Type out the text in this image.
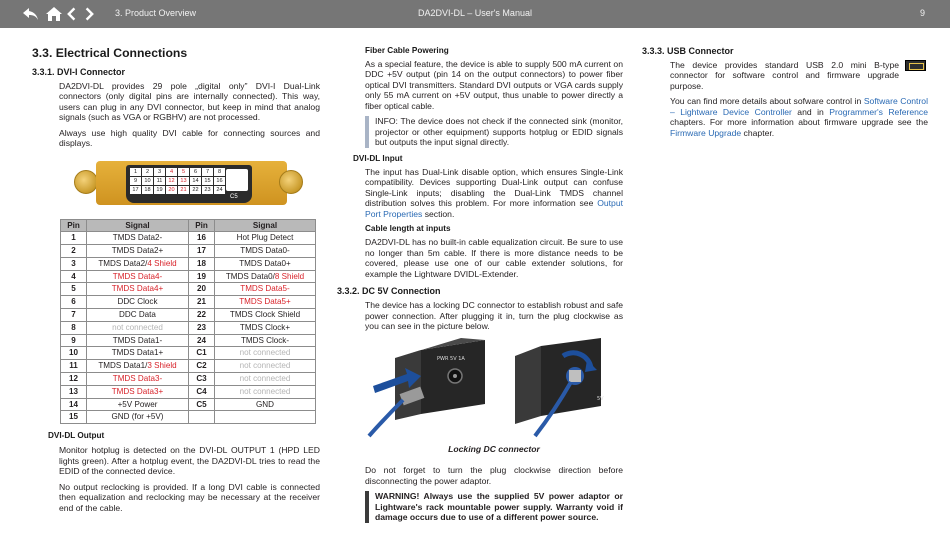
3. Product Overview	DA2DVI-DL – User's Manual	9
3.3. Electrical Connections
3.3.1. DVI-I Connector

DA2DVI-DL provides 29 pole „digital only” DVI-I Dual-Link connectors (only digital pins are internally connected). This way, users can plug in any DVI connector, but keep in mind that analog signals (such as VGA or RGBHV) are not processed.

Always use high quality DVI cable for connecting sources and displays.

1	2	3	4	5	6	7	8
9	10	11	12	13	14	15	16
17	18	19	20	21	22	23	24
C5
Pin	Signal	Pin	Signal
1	TMDS Data2-	16	Hot Plug Detect
2	TMDS Data2+	17	TMDS Data0-
3	TMDS Data2/4 Shield	18	TMDS Data0+
4	TMDS Data4-	19	TMDS Data0/8 Shield
5	TMDS Data4+	20	TMDS Data5-
6	DDC Clock	21	TMDS Data5+
7	DDC Data	22	TMDS Clock Shield
8	not connected	23	TMDS Clock+
9	TMDS Data1-	24	TMDS Clock-
10	TMDS Data1+	C1	not connected
11	TMDS Data1/3 Shield	C2	not connected
12	TMDS Data3-	C3	not connected
13	TMDS Data3+	C4	not connected
14	+5V Power	C5	GND
15	GND (for +5V)		
DVI-DL Output

Monitor hotplug is detected on the DVI-DL OUTPUT 1 (HPD LED lights green). After a hotplug event, the DA2DVI-DL tries to read the EDID of the connected device.

No output reclocking is provided. If a long DVI cable is connected then equalization and reclocking may be necessary at the receiver end of the cable.

Fiber Cable Powering

As a special feature, the device is able to supply 500 mA current on DDC +5V output (pin 14 on the output connectors) to power fiber optical DVI transmitters. Standard DVI outputs or VGA cards supply only 55 mA current on +5V output, thus unable to power directly a fiber optical cable.

INFO: The device does not check if the connected sink (monitor, projector or other equipment) supports hotplug or EDID signals but outputs the input signal directly.
DVI-DL Input

The input has Dual-Link disable option, which ensures Single-Link compatibility. Devices supporting Dual-Link output can confuse Single-Link inputs; disabling the Dual-Link TMDS channel distribution solves this problem. For more information see Output Port Properties section.

Cable length at inputs

DA2DVI-DL has no built-in cable equalization circuit. Be sure to use no longer than 5m cable. If there is more distance needs to be covered, please use one of our cable extender solutions, for example the Lightware DVIDL-Extender.

3.3.2. DC 5V Connection

The device has a locking DC connector to establish robust and safe power connection. After plugging it in, turn the plug clockwise as you can see in the picture below.

PWR 5V 1A
5V
Locking DC connector

Do not forget to turn the plug clockwise direction before disconnecting the power adaptor.

WARNING! Always use the supplied 5V power adaptor or Lightware's rack mountable power supply. Warranty void if damage occurs due to use of a different power source.
3.3.3. USB Connector

The device provides standard USB 2.0 mini B-type connector for software control and firmware upgrade purpose.

You can find more details about sofware control in Software Control – Lightware Device Controller and in Programmer's Reference chapters. For more information about firmware upgrade see the Firmware Upgrade chapter.
